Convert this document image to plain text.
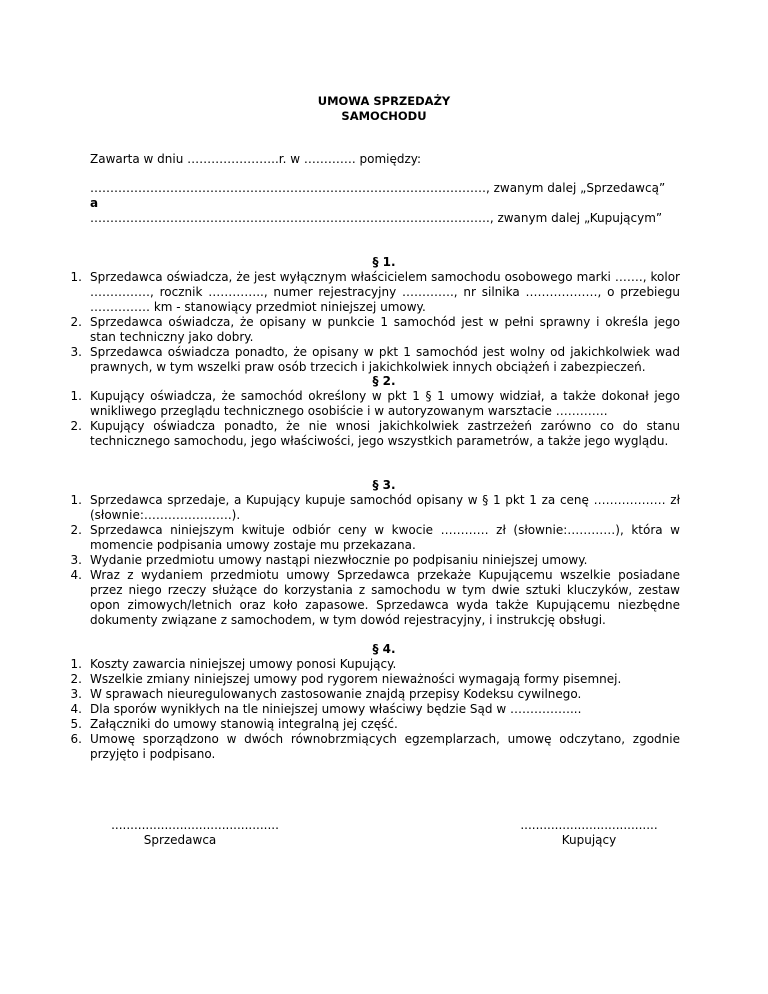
UMOWA SPRZEDAŻY
SAMOCHODU
Zawarta w dniu …………………..r. w …………. pomiędzy:
………………………………………………………………………………………, zwanym dalej „Sprzedawcą”
a
………………………………………………………………………………………., zwanym dalej „Kupującym”
§ 1.
1. Sprzedawca oświadcza, że jest wyłącznym właścicielem samochodu osobowego marki ……., kolor ……………, rocznik ………….., numer rejestracyjny …………., nr silnika ………………, o przebiegu …………… km - stanowiący przedmiot niniejszej umowy.
2. Sprzedawca oświadcza, że opisany w punkcie 1 samochód jest w pełni sprawny i określa jego stan techniczny jako dobry.
3. Sprzedawca oświadcza ponadto, że opisany w pkt 1 samochód jest wolny od jakichkolwiek wad prawnych, w tym wszelki praw osób trzecich i jakichkolwiek innych obciążeń i zabezpieczeń.
§ 2.
1. Kupujący oświadcza, że samochód określony w pkt 1 § 1 umowy widział, a także dokonał jego wnikliwego przeglądu technicznego osobiście i w autoryzowanym warsztacie ………….
2. Kupujący oświadcza ponadto, że nie wnosi jakichkolwiek zastrzeżeń zarówno co do stanu technicznego samochodu, jego właściwości, jego wszystkich parametrów, a także jego wyglądu.
§ 3.
1. Sprzedawca sprzedaje, a Kupujący kupuje samochód opisany w § 1 pkt 1 za cenę ……………… zł (słownie:………………….).
2. Sprzedawca niniejszym kwituje odbiór ceny w kwocie ………… zł (słownie:…………), która w momencie podpisania umowy zostaje mu przekazana.
3. Wydanie przedmiotu umowy nastąpi niezwłocznie po podpisaniu niniejszej umowy.
4. Wraz z wydaniem przedmiotu umowy Sprzedawca przekaże Kupującemu wszelkie posiadane przez niego rzeczy służące do korzystania z samochodu w tym dwie sztuki kluczyków, zestaw opon zimowych/letnich oraz koło zapasowe. Sprzedawca wyda także Kupującemu niezbędne dokumenty związane z samochodem, w tym dowód rejestracyjny, i instrukcję obsługi.
§ 4.
1. Koszty zawarcia niniejszej umowy ponosi Kupujący.
2. Wszelkie zmiany niniejszej umowy pod rygorem nieważności wymagają formy pisemnej.
3. W sprawach nieuregulowanych zastosowanie znajdą przepisy Kodeksu cywilnego.
4. Dla sporów wynikłych na tle niniejszej umowy właściwy będzie Sąd w ……………...
5. Załączniki do umowy stanowią integralną jej część.
6. Umowę sporządzono w dwóch równobrzmiących egzemplarzach, umowę odczytano, zgodnie przyjęto i podpisano.
............................................
Sprzedawca
....................................
Kupujący
